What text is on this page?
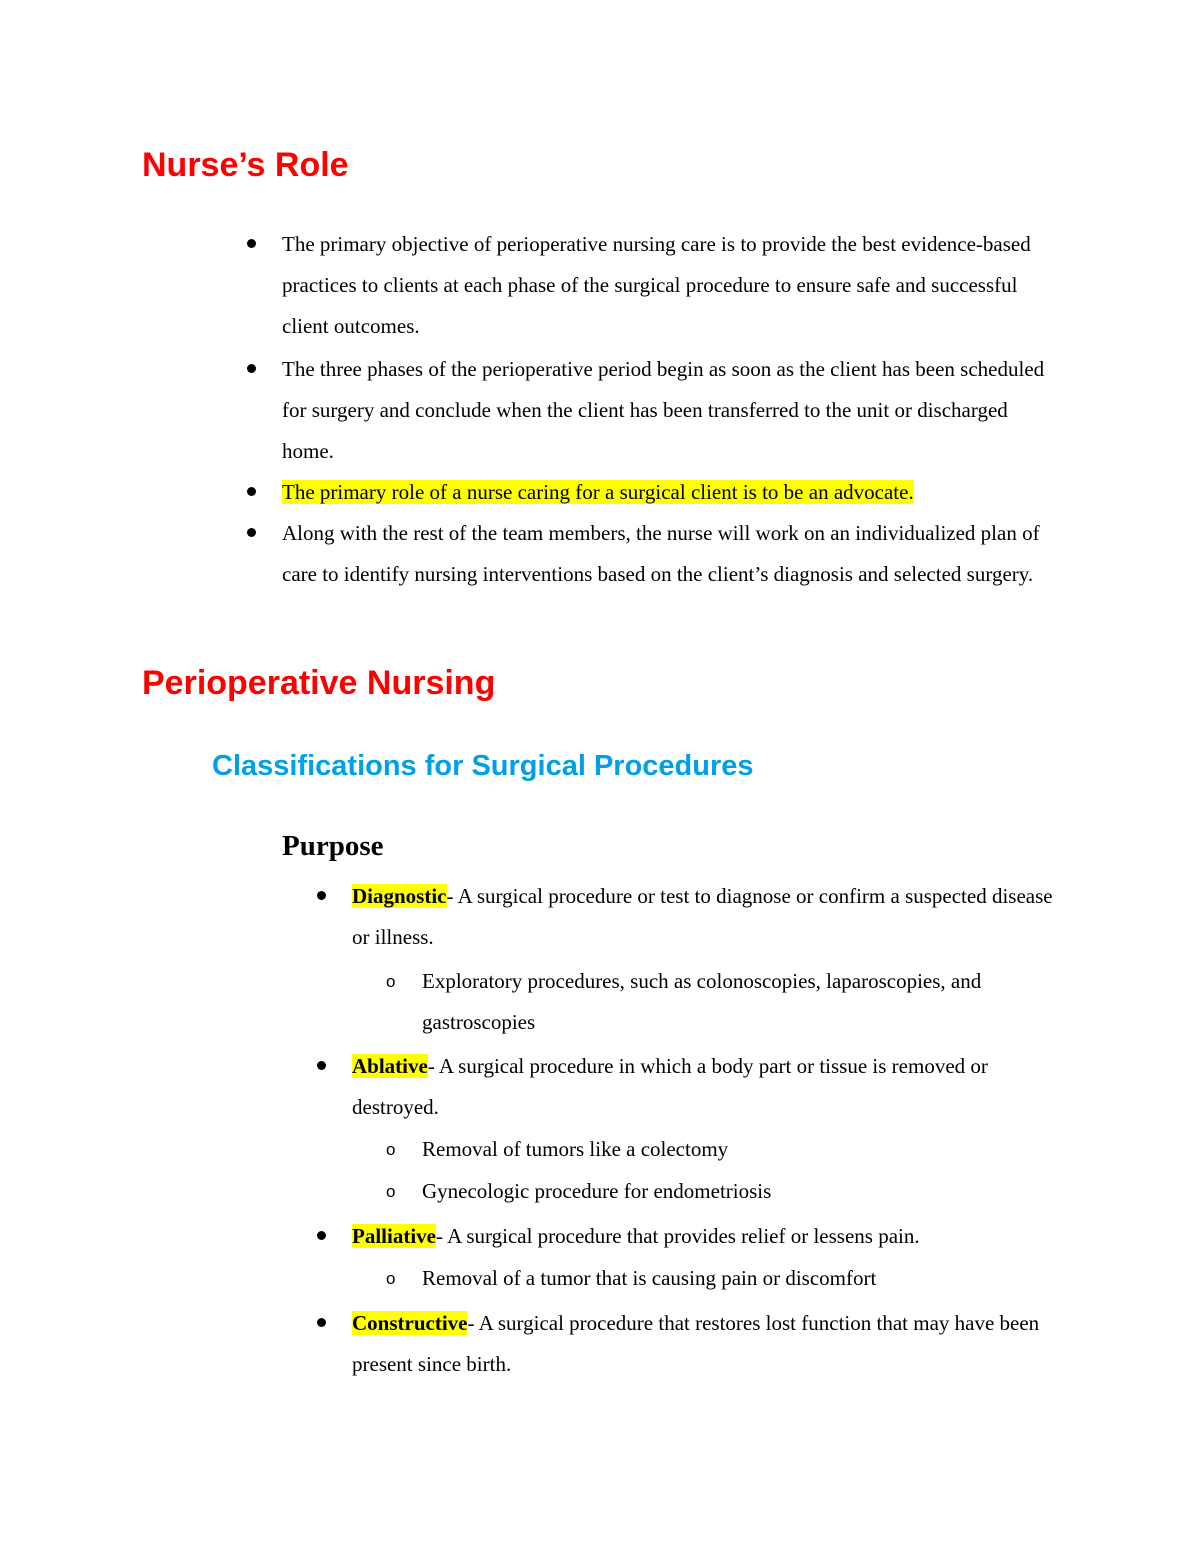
Nurse’s Role
The primary objective of perioperative nursing care is to provide the best evidence-based practices to clients at each phase of the surgical procedure to ensure safe and successful client outcomes.
The three phases of the perioperative period begin as soon as the client has been scheduled for surgery and conclude when the client has been transferred to the unit or discharged home.
The primary role of a nurse caring for a surgical client is to be an advocate.
Along with the rest of the team members, the nurse will work on an individualized plan of care to identify nursing interventions based on the client’s diagnosis and selected surgery.
Perioperative Nursing
Classifications for Surgical Procedures
Purpose
Diagnostic- A surgical procedure or test to diagnose or confirm a suspected disease or illness.
o Exploratory procedures, such as colonoscopies, laparoscopies, and gastroscopies
Ablative- A surgical procedure in which a body part or tissue is removed or destroyed.
o Removal of tumors like a colectomy
o Gynecologic procedure for endometriosis
Palliative- A surgical procedure that provides relief or lessens pain.
o Removal of a tumor that is causing pain or discomfort
Constructive- A surgical procedure that restores lost function that may have been present since birth.
